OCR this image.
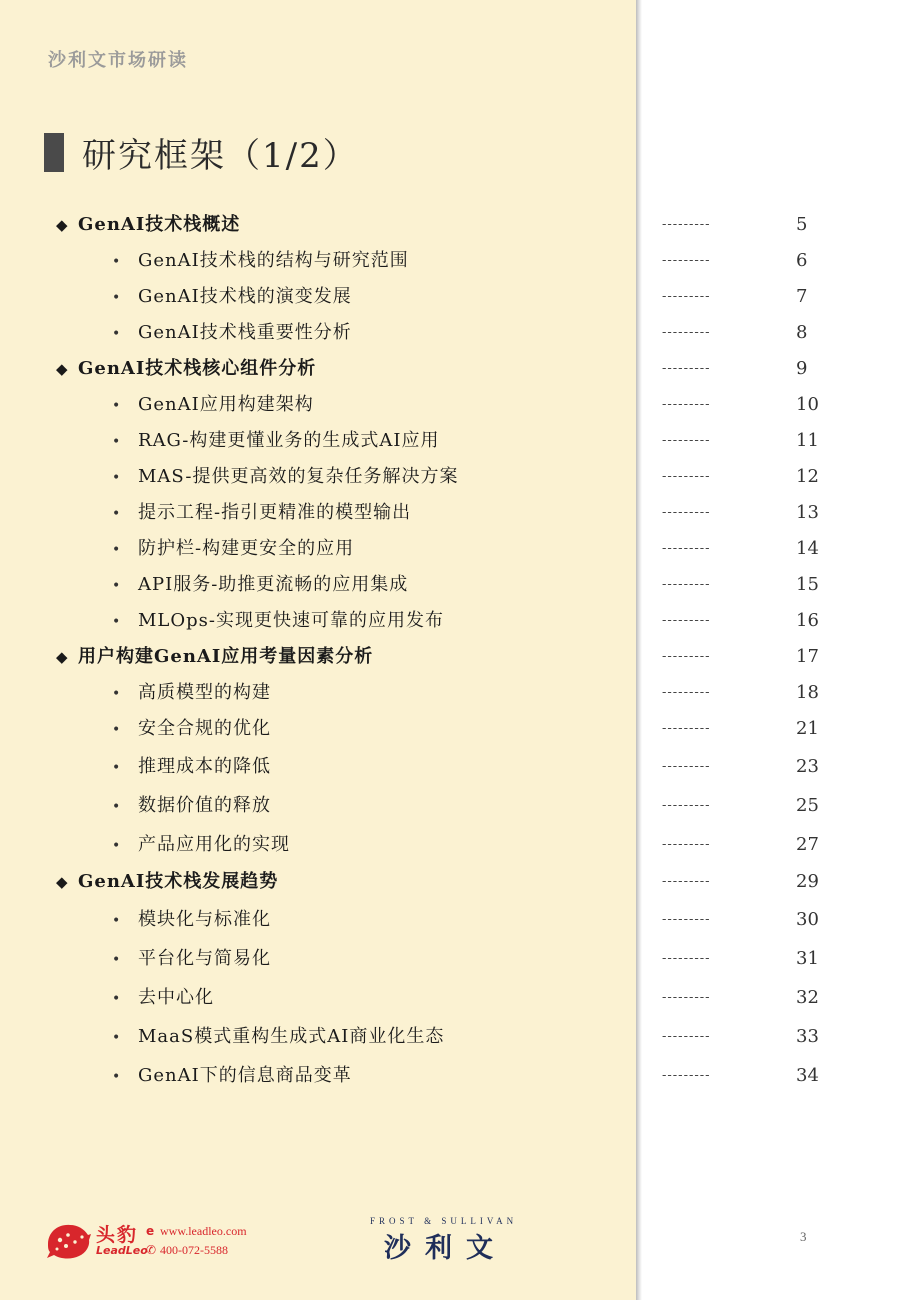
沙利文市场研读
研究框架（1/2）
◆ GenAI技术栈概述	---------	5
• GenAI技术栈的结构与研究范围	---------	6
• GenAI技术栈的演变发展	---------	7
• GenAI技术栈重要性分析	---------	8
◆ GenAI技术栈核心组件分析	---------	9
• GenAI应用构建架构	---------	10
• RAG-构建更懂业务的生成式AI应用	---------	11
• MAS-提供更高效的复杂任务解决方案	---------	12
• 提示工程-指引更精准的模型输出	---------	13
• 防护栏-构建更安全的应用	---------	14
• API服务-助推更流畅的应用集成	---------	15
• MLOps-实现更快速可靠的应用发布	---------	16
◆ 用户构建GenAI应用考量因素分析	---------	17
• 高质模型的构建	---------	18
• 安全合规的优化	---------	21
• 推理成本的降低	---------	23
• 数据价值的释放	---------	25
• 产品应用化的实现	---------	27
◆ GenAI技术栈发展趋势	---------	29
• 模块化与标准化	---------	30
• 平台化与简易化	---------	31
• 去中心化	---------	32
• MaaS模式重构生成式AI商业化生态	---------	33
• GenAI下的信息商品变革	---------	34
头豹
LeadLeo
e www.leadleo.com
✆ 400-072-5588
FROST & SULLIVAN
沙利文	3
